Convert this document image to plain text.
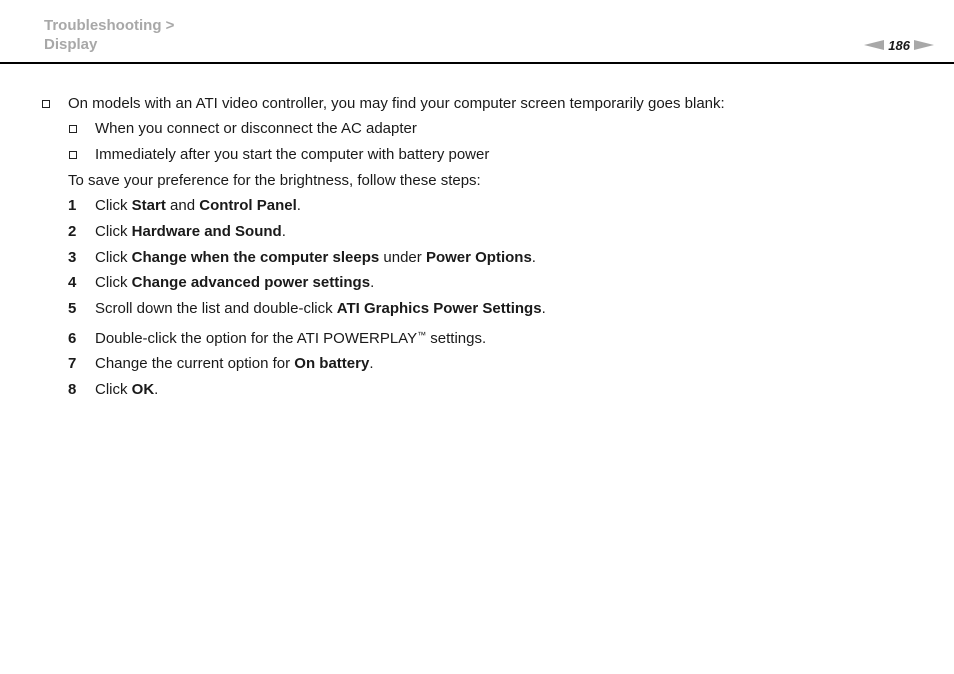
Troubleshooting >
Display	186
On models with an ATI video controller, you may find your computer screen temporarily goes blank:
When you connect or disconnect the AC adapter
Immediately after you start the computer with battery power
To save your preference for the brightness, follow these steps:
1 Click Start and Control Panel.
2 Click Hardware and Sound.
3 Click Change when the computer sleeps under Power Options.
4 Click Change advanced power settings.
5 Scroll down the list and double-click ATI Graphics Power Settings.
6 Double-click the option for the ATI POWERPLAY™ settings.
7 Change the current option for On battery.
8 Click OK.
